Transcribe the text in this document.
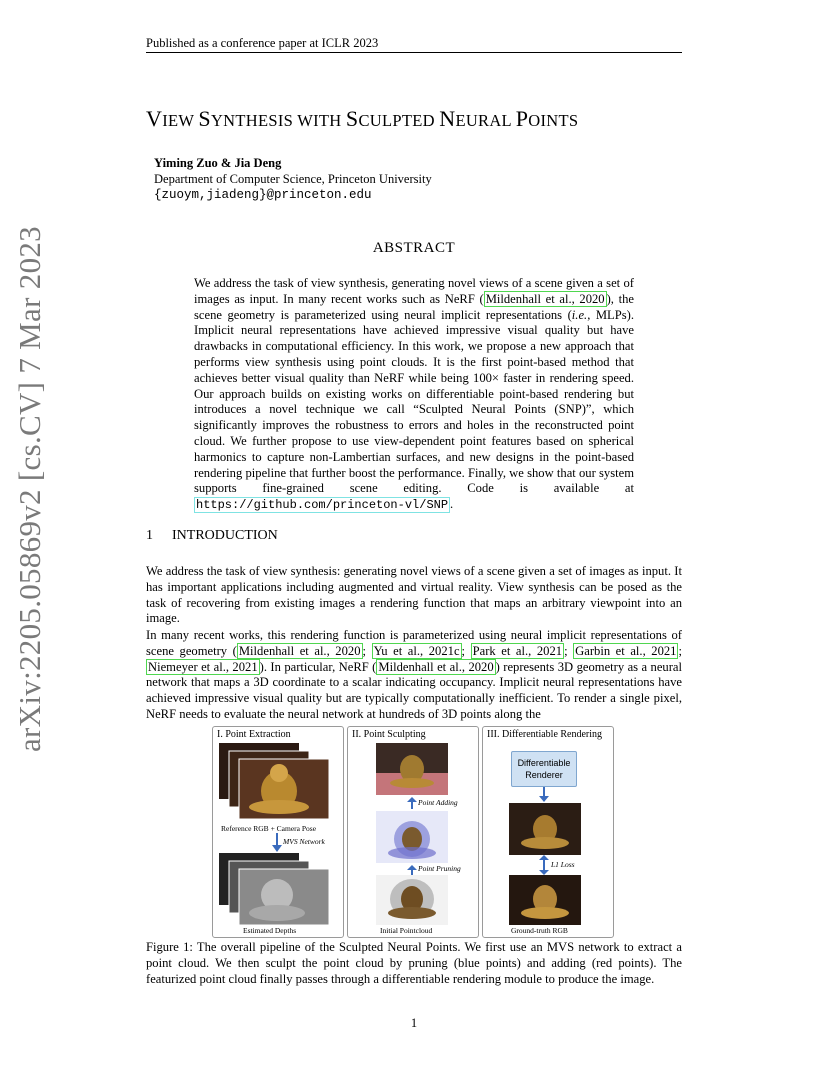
Published as a conference paper at ICLR 2023
VIEW SYNTHESIS WITH SCULPTED NEURAL POINTS
Yiming Zuo & Jia Deng
Department of Computer Science, Princeton University
{zuoym,jiadeng}@princeton.edu
ABSTRACT
We address the task of view synthesis, generating novel views of a scene given a set of images as input. In many recent works such as NeRF ( Mildenhall et al., 2020 ), the scene geometry is parameterized using neural implicit representations (i.e., MLPs). Implicit neural representations have achieved impressive visual quality but have drawbacks in computational efficiency. In this work, we propose a new approach that performs view synthesis using point clouds. It is the first point-based method that achieves better visual quality than NeRF while being 100× faster in rendering speed. Our approach builds on existing works on differentiable point-based rendering but introduces a novel technique we call “Sculpted Neural Points (SNP)”, which significantly improves the robustness to errors and holes in the reconstructed point cloud. We further propose to use view-dependent point features based on spherical harmonics to capture non-Lambertian surfaces, and new designs in the point-based rendering pipeline that further boost the performance. Finally, we show that our system supports fine-grained scene editing. Code is available at https://github.com/princeton-vl/SNP .
1 INTRODUCTION
We address the task of view synthesis: generating novel views of a scene given a set of images as input. It has important applications including augmented and virtual reality. View synthesis can be posed as the task of recovering from existing images a rendering function that maps an arbitrary viewpoint into an image.
In many recent works, this rendering function is parameterized using neural implicit representations of scene geometry ( Mildenhall et al., 2020 ; Yu et al., 2021c ; Park et al., 2021 ; Garbin et al., 2021 ; Niemeyer et al., 2021 ). In particular, NeRF ( Mildenhall et al., 2020 ) represents 3D geometry as a neural network that maps a 3D coordinate to a scalar indicating occupancy. Implicit neural representations have achieved impressive visual quality but are typically computationally inefficient. To render a single pixel, NeRF needs to evaluate the neural network at hundreds of 3D points along the
arXiv:2205.05869v2 [cs.CV] 7 Mar 2023	I. Point Extraction
Reference RGB + Camera Pose
MVS Network
Estimated Depths
II. Point Sculpting
Point Adding
Point Pruning
Initial Pointcloud
III. Differentiable Rendering
Differentiable Renderer
L1 Loss
Ground-truth RGB
Figure 1: The overall pipeline of the Sculpted Neural Points. We first use an MVS network to extract a point cloud. We then sculpt the point cloud by pruning (blue points) and adding (red points). The featurized point cloud finally passes through a differentiable rendering module to produce the image.
1
